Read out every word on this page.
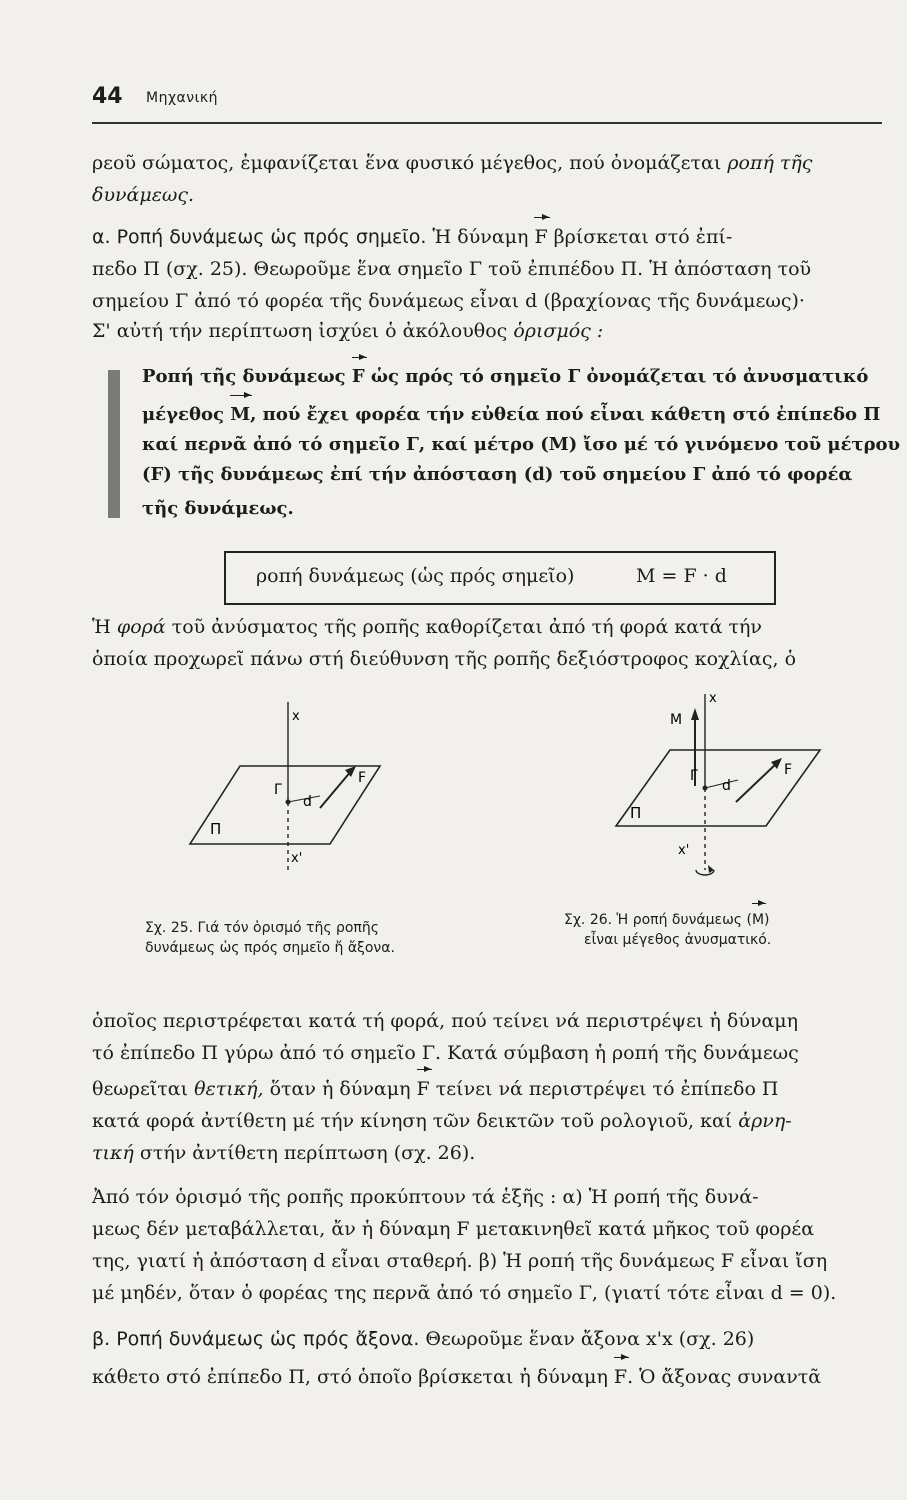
44 Μηχανική
ρεοῦ σώματος, ἐμφανίζεται ἕνα φυσικό μέγεθος, πού ὀνομάζεται ροπή τῆς
δυνάμεως.
α. Ροπή δυνάμεως ὡς πρός σημεῖο. Ἡ δύναμη F βρίσκεται στό ἐπί-
πεδο Π (σχ. 25). Θεωροῦμε ἕνα σημεῖο Γ τοῦ ἐπιπέδου Π. Ἡ ἀπόσταση τοῦ
σημείου Γ ἀπό τό φορέα τῆς δυνάμεως εἶναι d (βραχίονας τῆς δυνάμεως)·
Σ' αὐτή τήν περίπτωση ἰσχύει ὁ ἀκόλουθος ὁρισμός :
Ροπή τῆς δυνάμεως F ὡς πρός τό σημεῖο Γ ὀνομάζεται τό ἀνυσματικό
μέγεθος M, πού ἔχει φορέα τήν εὐθεία πού εἶναι κάθετη στό ἐπίπεδο Π
καί περνᾶ ἀπό τό σημεῖο Γ, καί μέτρο (M) ἴσο μέ τό γινόμενο τοῦ μέτρου
(F) τῆς δυνάμεως ἐπί τήν ἀπόσταση (d) τοῦ σημείου Γ ἀπό τό φορέα
τῆς δυνάμεως.
ροπή δυνάμεως (ὡς πρός σημεῖο)	M = F · d
Ἡ φορά τοῦ ἀνύσματος τῆς ροπῆς καθορίζεται ἀπό τή φορά κατά τήν
ὁποία προχωρεῖ πάνω στή διεύθυνση τῆς ροπῆς δεξιόστροφος κοχλίας, ὁ
x
x'
Γ
d
F
Π
x
x'
M
Γ
d
F
Π
Σχ. 25. Γιά τόν ὁρισμό τῆς ροπῆς
δυνάμεως ὡς πρός σημεῖο ἤ ἄξονα.
Σχ. 26. Ἡ ροπή δυνάμεως (M)
εἶναι μέγεθος ἀνυσματικό.
ὁποῖος περιστρέφεται κατά τή φορά, πού τείνει νά περιστρέψει ἡ δύναμη
τό ἐπίπεδο Π γύρω ἀπό τό σημεῖο Γ. Κατά σύμβαση ἡ ροπή τῆς δυνάμεως
θεωρεῖται θετική, ὅταν ἡ δύναμη F τείνει νά περιστρέψει τό ἐπίπεδο Π
κατά φορά ἀντίθετη μέ τήν κίνηση τῶν δεικτῶν τοῦ ρολογιοῦ, καί ἀρνη-
τική στήν ἀντίθετη περίπτωση (σχ. 26).
Ἀπό τόν ὁρισμό τῆς ροπῆς προκύπτουν τά ἑξῆς : α) Ἡ ροπή τῆς δυνά-
μεως δέν μεταβάλλεται, ἄν ἡ δύναμη F μετακινηθεῖ κατά μῆκος τοῦ φορέα
της, γιατί ἡ ἀπόσταση d εἶναι σταθερή. β) Ἡ ροπή τῆς δυνάμεως F εἶναι ἴση
μέ μηδέν, ὅταν ὁ φορέας της περνᾶ ἀπό τό σημεῖο Γ, (γιατί τότε εἶναι d = 0).
β. Ροπή δυνάμεως ὡς πρός ἄξονα. Θεωροῦμε ἕναν ἄξονα x'x (σχ. 26)
κάθετο στό ἐπίπεδο Π, στό ὁποῖο βρίσκεται ἡ δύναμη F. Ὁ ἄξονας συναντᾶ
